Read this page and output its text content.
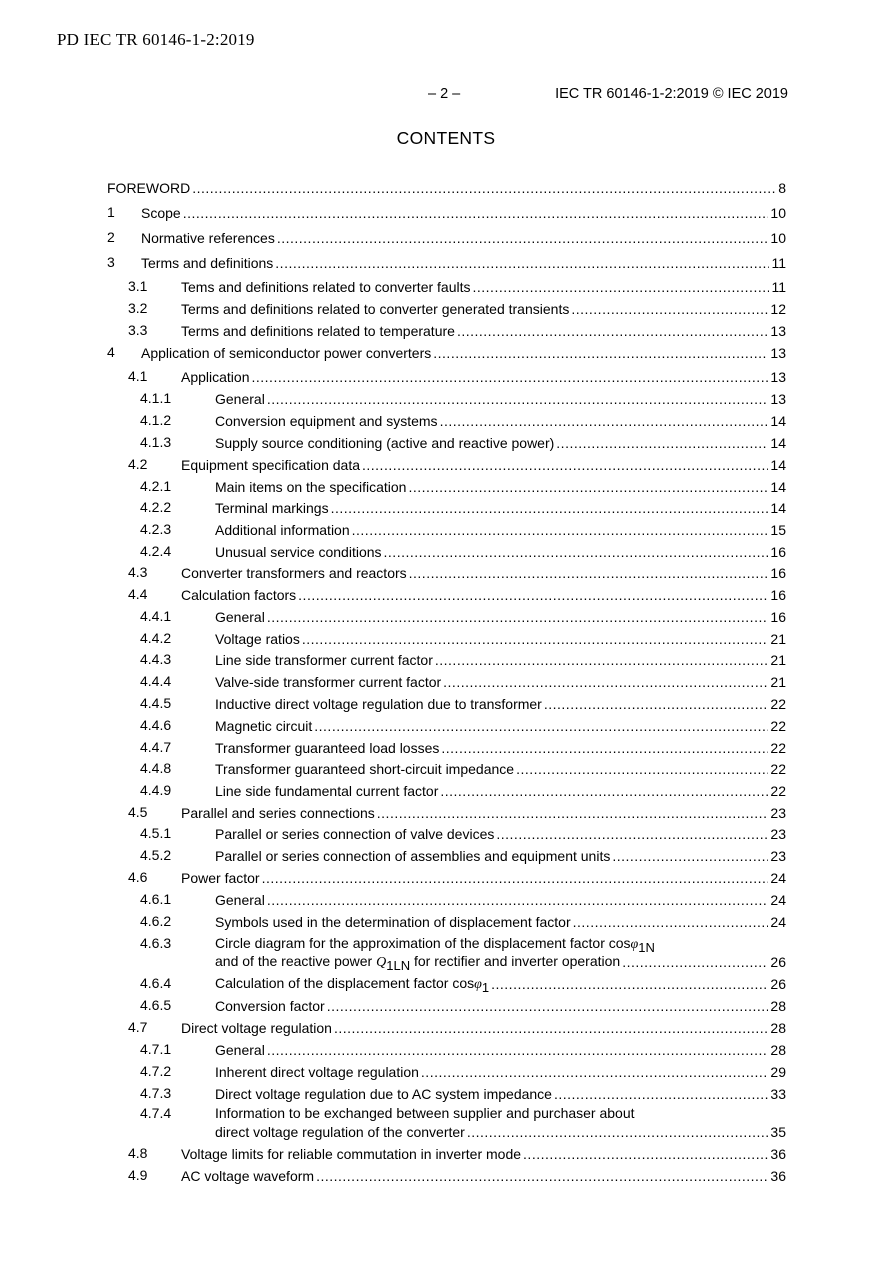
PD IEC TR 60146-1-2:2019
– 2 –	IEC TR 60146-1-2:2019 © IEC 2019
CONTENTS
FOREWORD .....	8
1 Scope .....	10
2 Normative references .....	10
3 Terms and definitions .....	11
3.1 Tems and definitions related to converter faults .....	11
3.2 Terms and definitions related to converter generated transients .....	12
3.3 Terms and definitions related to temperature .....	13
4 Application of semiconductor power converters .....	13
4.1 Application .....	13
4.1.1	General .....	13
4.1.2	Conversion equipment and systems .....	14
4.1.3	Supply source conditioning (active and reactive power) .....	14
4.2 Equipment specification data .....	14
4.2.1	Main items on the specification .....	14
4.2.2	Terminal markings .....	14
4.2.3	Additional information .....	15
4.2.4	Unusual service conditions .....	16
4.3 Converter transformers and reactors .....	16
4.4 Calculation factors .....	16
4.4.1	General .....	16
4.4.2	Voltage ratios .....	21
4.4.3	Line side transformer current factor .....	21
4.4.4	Valve-side transformer current factor .....	21
4.4.5	Inductive direct voltage regulation due to transformer .....	22
4.4.6	Magnetic circuit .....	22
4.4.7	Transformer guaranteed load losses .....	22
4.4.8	Transformer guaranteed short-circuit impedance .....	22
4.4.9	Line side fundamental current factor .....	22
4.5 Parallel and series connections .....	23
4.5.1	Parallel or series connection of valve devices .....	23
4.5.2	Parallel or series connection of assemblies and equipment units .....	23
4.6 Power factor .....	24
4.6.1	General .....	24
4.6.2	Symbols used in the determination of displacement factor .....	24
4.6.3	Circle diagram for the approximation of the displacement factor cosφ1N
and of the reactive power Q1LN for rectifier and inverter operation .....	26
4.6.4	Calculation of the displacement factor cosφ1 .....	26
4.6.5	Conversion factor .....	28
4.7 Direct voltage regulation .....	28
4.7.1	General .....	28
4.7.2	Inherent direct voltage regulation .....	29
4.7.3	Direct voltage regulation due to AC system impedance .....	33
4.7.4	Information to be exchanged between supplier and purchaser about
direct voltage regulation of the converter .....	35
4.8 Voltage limits for reliable commutation in inverter mode .....	36
4.9 AC voltage waveform .....	36
